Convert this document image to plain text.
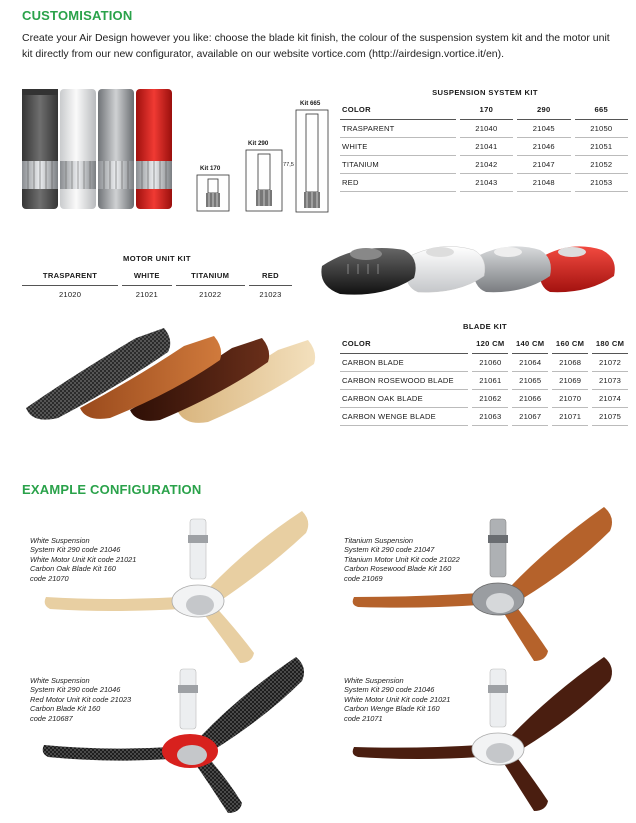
CUSTOMISATION
Create your Air Design however you like: choose the blade kit finish, the colour of the suspension system kit and the motor unit kit directly from our new configurator, available on our website vortice.com (http://airdesign.vortice.it/en).
Kit 170
Kit 290
Kit 665
77,5
SUSPENSION SYSTEM KIT
COLOR	170	290	665
TRASPARENT	21040	21045	21050
WHITE	21041	21046	21051
TITANIUM	21042	21047	21052
RED	21043	21048	21053
MOTOR UNIT KIT
TRASPARENT	WHITE	TITANIUM	RED
21020	21021	21022	21023
BLADE KIT
COLOR	120 CM	140 CM	160 CM	180 CM
CARBON BLADE	21060	21064	21068	21072
CARBON ROSEWOOD BLADE	21061	21065	21069	21073
CARBON OAK BLADE	21062	21066	21070	21074
CARBON WENGE BLADE	21063	21067	21071	21075
EXAMPLE CONFIGURATION
White Suspension
System Kit 290 code 21046
White Motor Unit Kit code 21021
Carbon Oak Blade Kit 160
code 21070
Titanium Suspension
System Kit 290 code 21047
Titanium Motor Unit Kit code 21022
Carbon Rosewood Blade Kit 160
code 21069
White Suspension
System Kit 290 code 21046
Red Motor Unit Kit code 21023
Carbon Blade Kit 160
code 210687
White Suspension
System Kit 290 code 21046
White Motor Unit Kit code 21021
Carbon Wenge Blade Kit 160
code 21071
